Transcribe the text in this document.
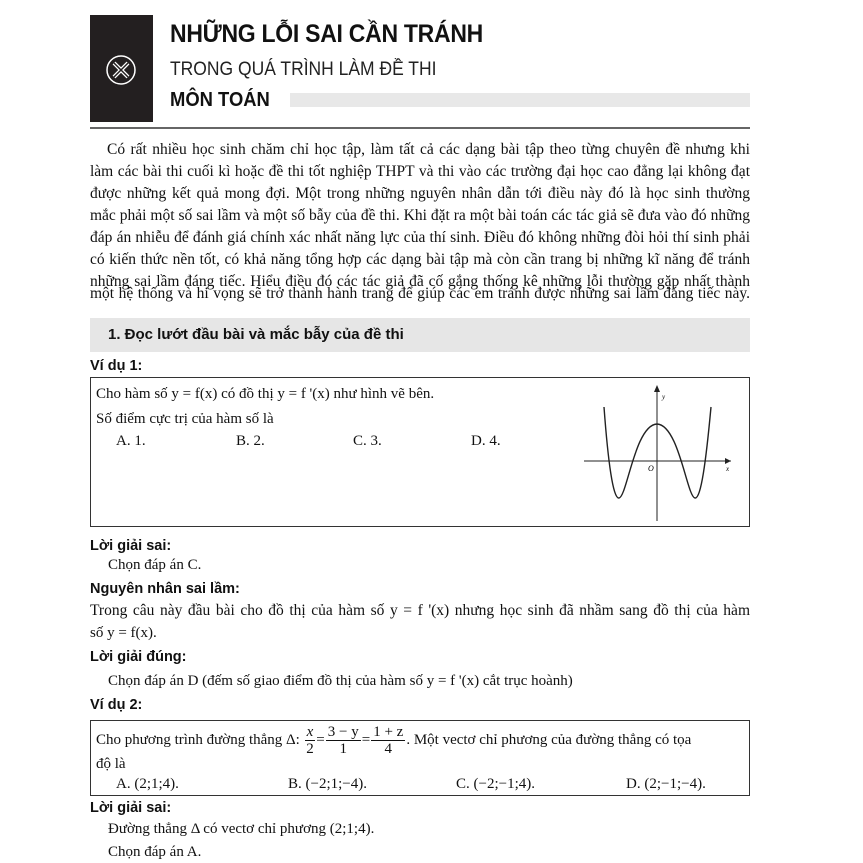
NHỮNG LỖI SAI CẦN TRÁNH
TRONG QUÁ TRÌNH LÀM ĐỀ THI
MÔN TOÁN
Có rất nhiều học sinh chăm chỉ học tập, làm tất cả các dạng bài tập theo từng chuyên đề nhưng khi
làm các bài thi cuối kì hoặc đề thi tốt nghiệp THPT và thi vào các trường đại học cao đẳng lại không đạt
được những kết quả mong đợi. Một trong những nguyên nhân dẫn tới điều này đó là học sinh thường
mắc phải một số sai lầm và một số bẫy của đề thi. Khi đặt ra một bài toán các tác giả sẽ đưa vào đó những
đáp án nhiễu để đánh giá chính xác nhất năng lực của thí sinh. Điều đó không những đòi hỏi thí sinh phải
có kiến thức nền tốt, có khả năng tổng hợp các dạng bài tập mà còn cần trang bị những kĩ năng để tránh
những sai lầm đáng tiếc. Hiểu điều đó các tác giả đã cố gắng thống kê những lỗi thường gặp nhất thành
một hệ thống và hi vọng sẽ trở thành hành trang để giúp các em tránh được những sai lầm đáng tiếc này.
1. Đọc lướt đầu bài và mắc bẫy của đề thi
Ví dụ 1:
Cho hàm số y = f(x) có đồ thị y = f '(x) như hình vẽ bên.
Số điểm cực trị của hàm số là
A. 1.	B. 2.	C. 3.	D. 4.
y
x
O
Lời giải sai:
Chọn đáp án C.
Nguyên nhân sai lầm:
Trong câu này đầu bài cho đồ thị của hàm số y = f '(x) nhưng học sinh đã nhầm sang đồ thị của hàm
số y = f(x).
Lời giải đúng:
Chọn đáp án D (đếm số giao điểm đồ thị của hàm số y = f '(x) cắt trục hoành)
Ví dụ 2:
Cho phương trình đường thẳng Δ: $\frac{x}{2} = \frac{3 - y}{1} = \frac{1 + z}{4}$ . Một vectơ chỉ phương của đường thẳng có tọa
độ là
A. (2;1;4).	B. (−2;1;−4).	C. (−2;−1;4).	D. (2;−1;−4).
Lời giải sai:
Đường thẳng Δ có vectơ chỉ phương (2;1;4).
Chọn đáp án A.
